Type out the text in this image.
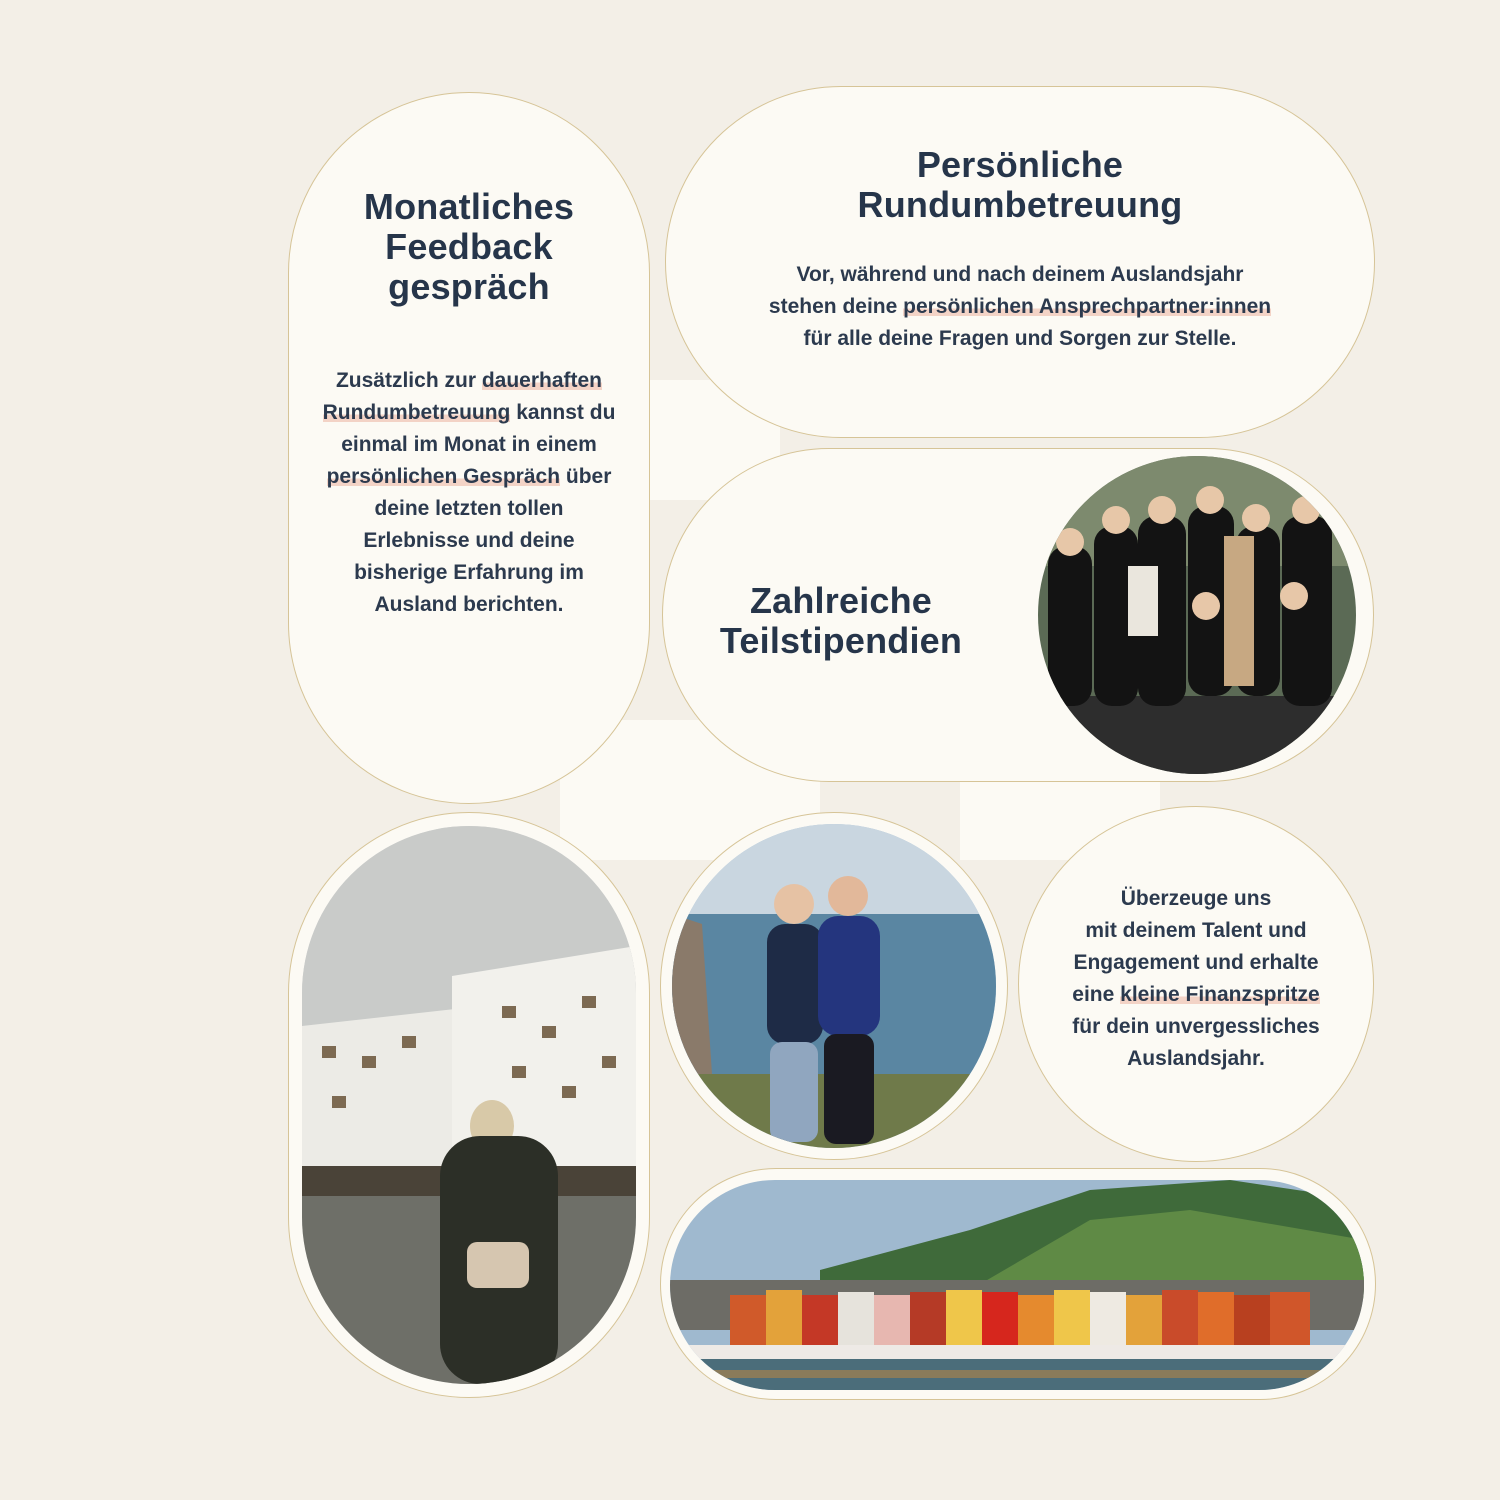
Monatliches
Feedback
gespräch

Zusätzlich zur dauerhaften Rundumbetreuung kannst du einmal im Monat in einem persönlichen Gespräch über deine letzten tollen Erlebnisse und deine bisherige Erfahrung im Ausland berichten.

Persönliche
Rundumbetreuung

Vor, während und nach deinem Auslandsjahr
stehen deine persönlichen Ansprechpartner:innen
für alle deine Fragen und Sorgen zur Stelle.

Zahlreiche
Teilstipendien

Überzeuge uns
mit deinem Talent und
Engagement und erhalte
eine kleine Finanzspritze
für dein unvergessliches
Auslandsjahr.
